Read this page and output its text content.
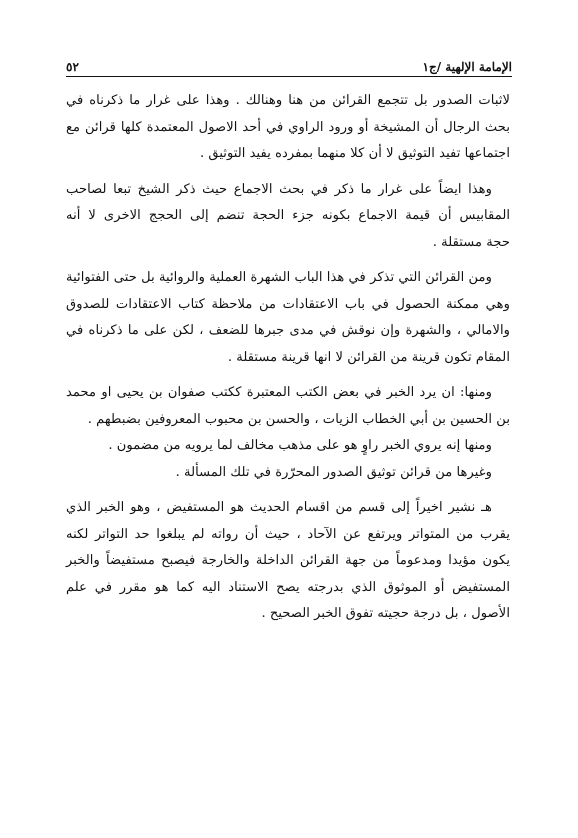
الإمامة الإلهية /ج١
٥٢
لاثبات الصدور بل تتجمع القرائن من هنا وهنالك . وهذا على غرار ما ذكرناه في
بحث الرجال أن المشيخة أو ورود الراوي في أحد الاصول المعتمدة كلها قرائن مع
اجتماعها تفيد التوثيق لا أن كلا منهما بمفرده يفيد التوثيق .
وهذا ايضاً على غرار ما ذكر في بحث الاجماع حيث ذكر الشيخ تبعا لصاحب
المقابيس أن قيمة الاجماع بكونه جزء الحجة تنضم إلى الحجج الاخرى لا أنه
حجة مستقلة .
ومن القرائن التي تذكر في هذا الباب الشهرة العملية والروائية بل حتى الفتوائية
وهي ممكنة الحصول في باب الاعتقادات من ملاحظة كتاب الاعتقادات للصدوق
والامالي ، والشهرة وإن نوقش في مدى جبرها للضعف ، لكن على ما ذكرناه في
المقام تكون قرينة من القرائن لا انها قرينة مستقلة .
ومنها: ان يرد الخبر في بعض الكتب المعتبرة ككتب صفوان بن يحيى او محمد
بن الحسين بن أبي الخطاب الزيات ، والحسن بن محبوب المعروفين بضبطهم .
ومنها إنه يروي الخبر راوٍ هو على مذهب مخالف لما يرويه من مضمون .
وغيرها من قرائن توثيق الصدور المحرّرة في تلك المسألة .
هـ نشير اخيراً إلى قسم من اقسام الحديث هو المستفيض ، وهو الخبر الذي
يقرب من المتواتر ويرتفع عن الآحاد ، حيث أن رواته لم يبلغوا حد التواتر لكنه
يكون مؤيدا ومدعوماً من جهة القرائن الداخلة والخارجة فيصبح مستفيضاً والخبر
المستفيض أو الموثوق الذي بدرجته يصح الاستناد اليه كما هو مقرر في علم
الأصول ، بل درجة حجيته تفوق الخبر الصحيح .
